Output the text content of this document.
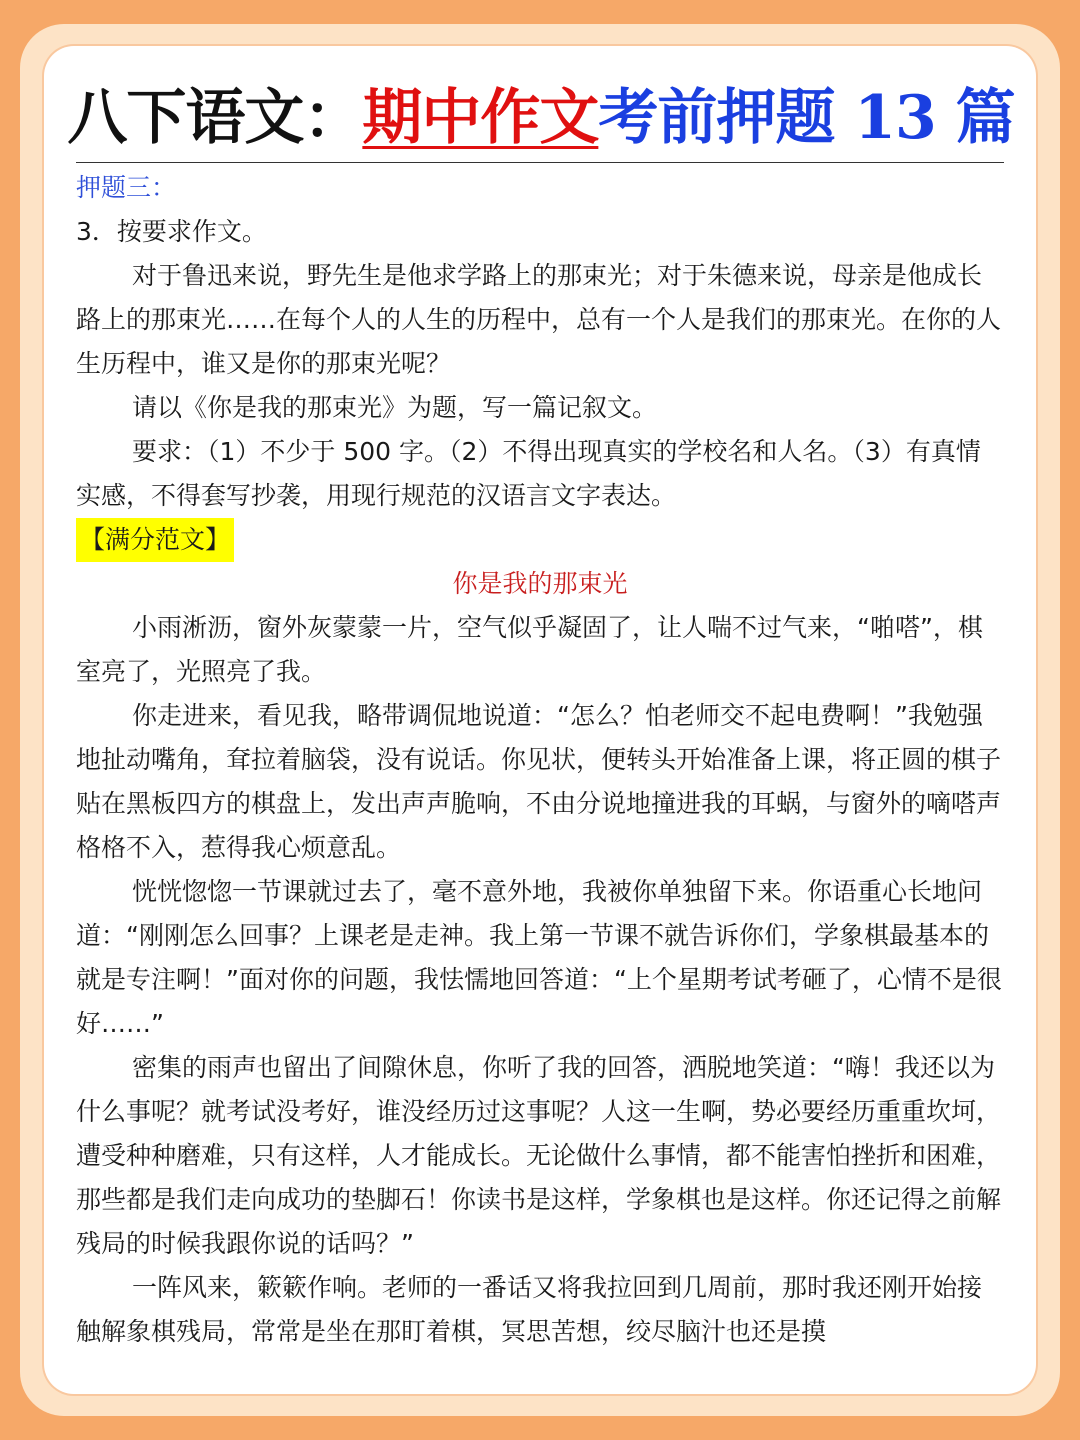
八下语文：期中作文考前押题 13 篇

押题三：

3．按要求作文。

对于鲁迅来说，野先生是他求学路上的那束光；对于朱德来说，母亲是他成长路上的那束光……在每个人的人生的历程中，总有一个人是我们的那束光。在你的人生历程中，谁又是你的那束光呢？

请以《你是我的那束光》为题，写一篇记叙文。

要求：（1）不少于 500 字。（2）不得出现真实的学校名和人名。（3）有真情实感，不得套写抄袭，用现行规范的汉语言文字表达。

【满分范文】

你是我的那束光

小雨淅沥，窗外灰蒙蒙一片，空气似乎凝固了，让人喘不过气来，“啪嗒”，棋室亮了，光照亮了我。

你走进来，看见我，略带调侃地说道：“怎么？怕老师交不起电费啊！”我勉强地扯动嘴角，耷拉着脑袋，没有说话。你见状，便转头开始准备上课，将正圆的棋子贴在黑板四方的棋盘上，发出声声脆响，不由分说地撞进我的耳蜗，与窗外的嘀嗒声格格不入，惹得我心烦意乱。

恍恍惚惚一节课就过去了，毫不意外地，我被你单独留下来。你语重心长地问道：“刚刚怎么回事？上课老是走神。我上第一节课不就告诉你们，学象棋最基本的就是专注啊！”面对你的问题，我怯懦地回答道：“上个星期考试考砸了，心情不是很好……”

密集的雨声也留出了间隙休息，你听了我的回答，洒脱地笑道：“嗨！我还以为什么事呢？就考试没考好，谁没经历过这事呢？人这一生啊，势必要经历重重坎坷，遭受种种磨难，只有这样，人才能成长。无论做什么事情，都不能害怕挫折和困难，那些都是我们走向成功的垫脚石！你读书是这样，学象棋也是这样。你还记得之前解残局的时候我跟你说的话吗？”

一阵风来，簌簌作响。老师的一番话又将我拉回到几周前，那时我还刚开始接触解象棋残局，常常是坐在那盯着棋，冥思苦想，绞尽脑汁也还是摸
